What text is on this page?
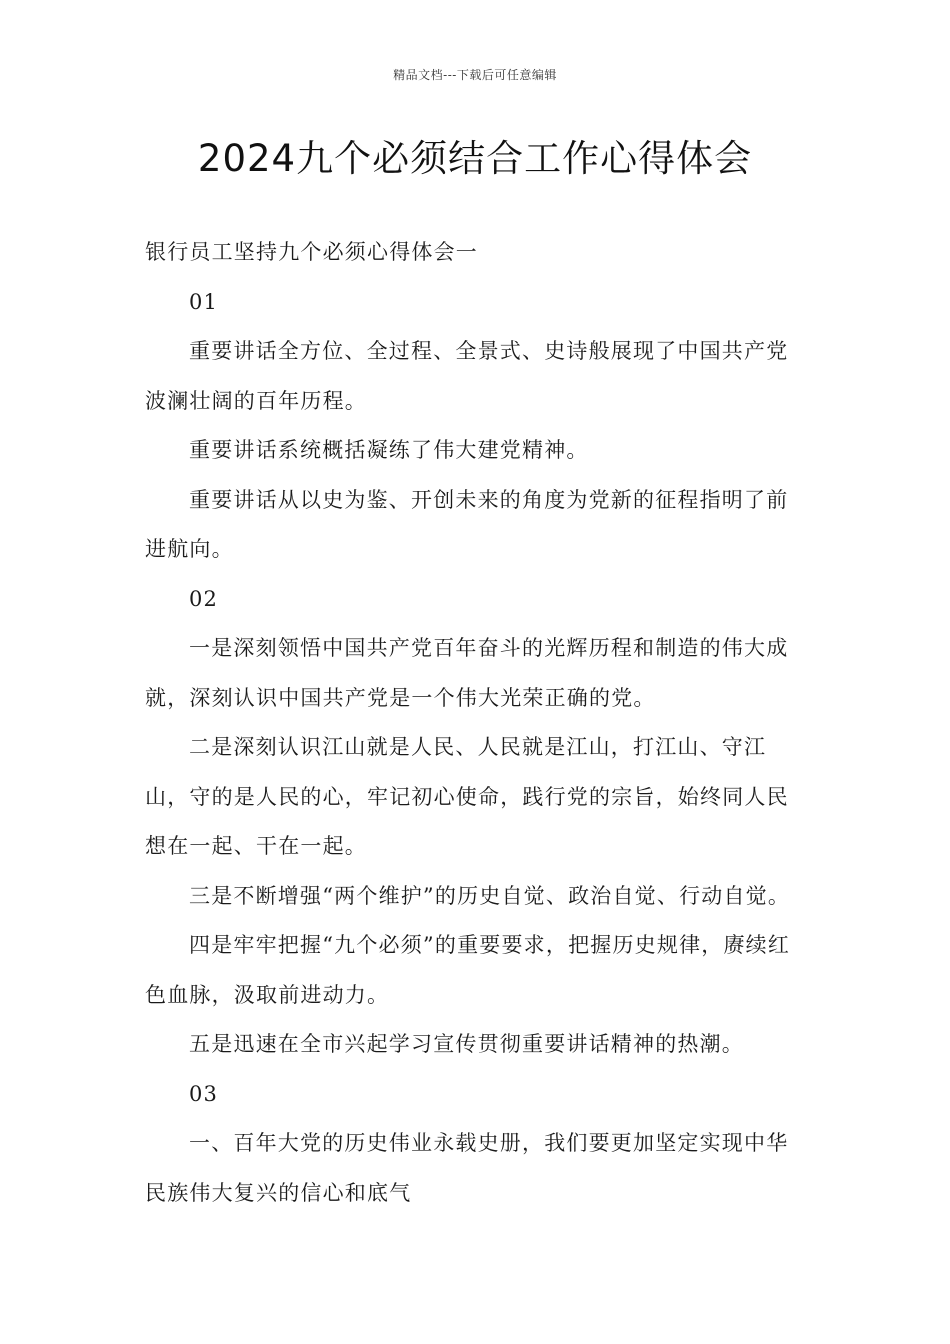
精品文档---下载后可任意编辑
2024九个必须结合工作心得体会

银行员工坚持九个必须心得体会一

01

重要讲话全方位、全过程、全景式、史诗般展现了中国共产党波澜壮阔的百年历程。

重要讲话系统概括凝练了伟大建党精神。

重要讲话从以史为鉴、开创未来的角度为党新的征程指明了前进航向。

02

一是深刻领悟中国共产党百年奋斗的光辉历程和制造的伟大成就，深刻认识中国共产党是一个伟大光荣正确的党。

二是深刻认识江山就是人民、人民就是江山，打江山、守江山，守的是人民的心，牢记初心使命，践行党的宗旨，始终同人民想在一起、干在一起。

三是不断增强“两个维护”的历史自觉、政治自觉、行动自觉。

四是牢牢把握“九个必须”的重要要求，把握历史规律，赓续红色血脉，汲取前进动力。

五是迅速在全市兴起学习宣传贯彻重要讲话精神的热潮。

03

一、百年大党的历史伟业永载史册，我们要更加坚定实现中华民族伟大复兴的信心和底气
